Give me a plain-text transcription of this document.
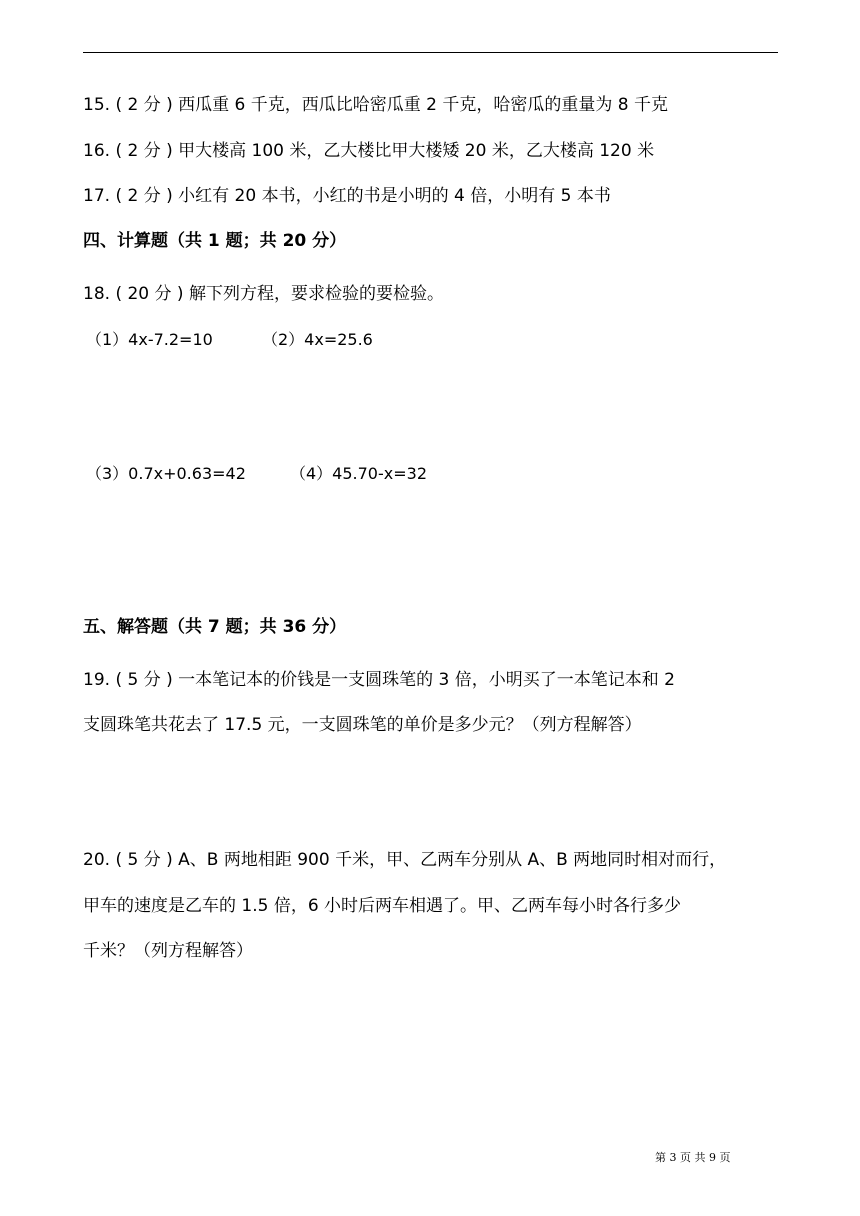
15. ( 2 分 ) 西瓜重 6 千克，西瓜比哈密瓜重 2 千克，哈密瓜的重量为 8 千克
16. ( 2 分 ) 甲大楼高 100 米，乙大楼比甲大楼矮 20 米，乙大楼高 120 米
17. ( 2 分 ) 小红有 20 本书，小红的书是小明的 4 倍，小明有 5 本书
四、计算题（共 1 题；共 20 分）
18. ( 20 分 ) 解下列方程，要求检验的要检验。
（1）4x-7.2=10	（2）4x=25.6
（3）0.7x+0.63=42	（4）45.70-x=32
五、解答题（共 7 题；共 36 分）
19. ( 5 分 ) 一本笔记本的价钱是一支圆珠笔的 3 倍，小明买了一本笔记本和 2
支圆珠笔共花去了 17.5 元，一支圆珠笔的单价是多少元？（列方程解答）
20. ( 5 分 ) A、B 两地相距 900 千米，甲、乙两车分别从 A、B 两地同时相对而行，
甲车的速度是乙车的 1.5 倍，6 小时后两车相遇了。甲、乙两车每小时各行多少
千米？（列方程解答）
第 3 页 共 9 页
